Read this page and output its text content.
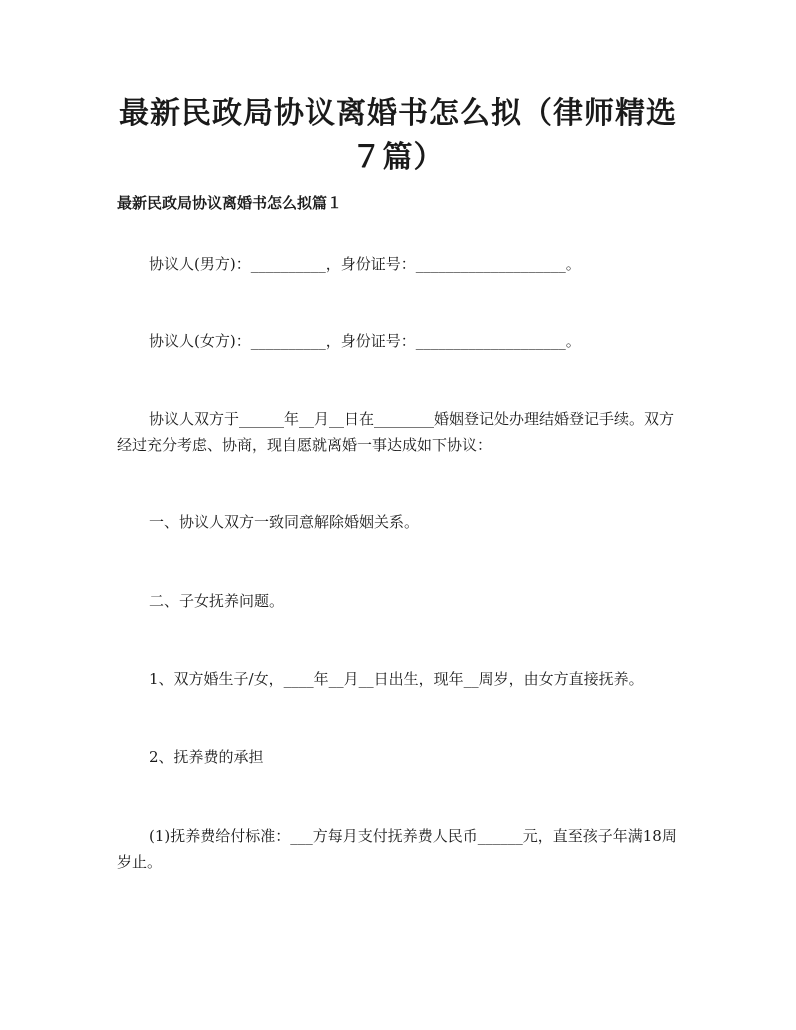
最新民政局协议离婚书怎么拟（律师精选７篇）
最新民政局协议离婚书怎么拟篇１

协议人(男方)：__________，身份证号：____________________。

协议人(女方)：__________，身份证号：____________________。

协议人双方于______年__月__日在________婚姻登记处办理结婚登记手续。双方经过充分考虑、协商，现自愿就离婚一事达成如下协议：

一、协议人双方一致同意解除婚姻关系。

二、子女抚养问题。

1、双方婚生子/女，____年__月__日出生，现年__周岁，由女方直接抚养。

2、抚养费的承担

(1)抚养费给付标准：___方每月支付抚养费人民币______元，直至孩子年满18周岁止。
